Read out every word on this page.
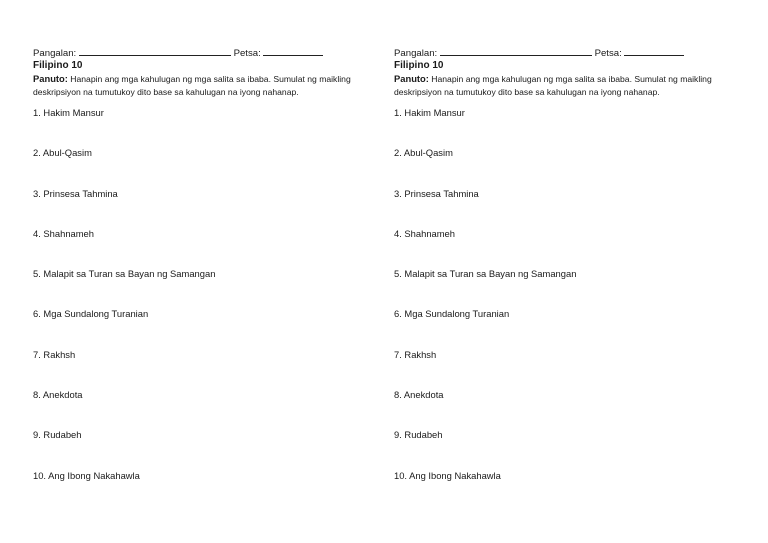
Pangalan:	Petsa:
Filipino 10
Panuto: Hanapin ang mga kahulugan ng mga salita sa ibaba. Sumulat ng maikling deskripsiyon na tumutukoy dito base sa kahulugan na iyong nahanap.
1. Hakim Mansur
2. Abul-Qasim
3. Prinsesa Tahmina
4. Shahnameh
5. Malapit sa Turan sa Bayan ng Samangan
6. Mga Sundalong Turanian
7. Rakhsh
8. Anekdota
9. Rudabeh
10. Ang Ibong Nakahawla
Pangalan:	Petsa:
Filipino 10
Panuto: Hanapin ang mga kahulugan ng mga salita sa ibaba. Sumulat ng maikling deskripsiyon na tumutukoy dito base sa kahulugan na iyong nahanap.
1. Hakim Mansur
2. Abul-Qasim
3. Prinsesa Tahmina
4. Shahnameh
5. Malapit sa Turan sa Bayan ng Samangan
6. Mga Sundalong Turanian
7. Rakhsh
8. Anekdota
9. Rudabeh
10. Ang Ibong Nakahawla
